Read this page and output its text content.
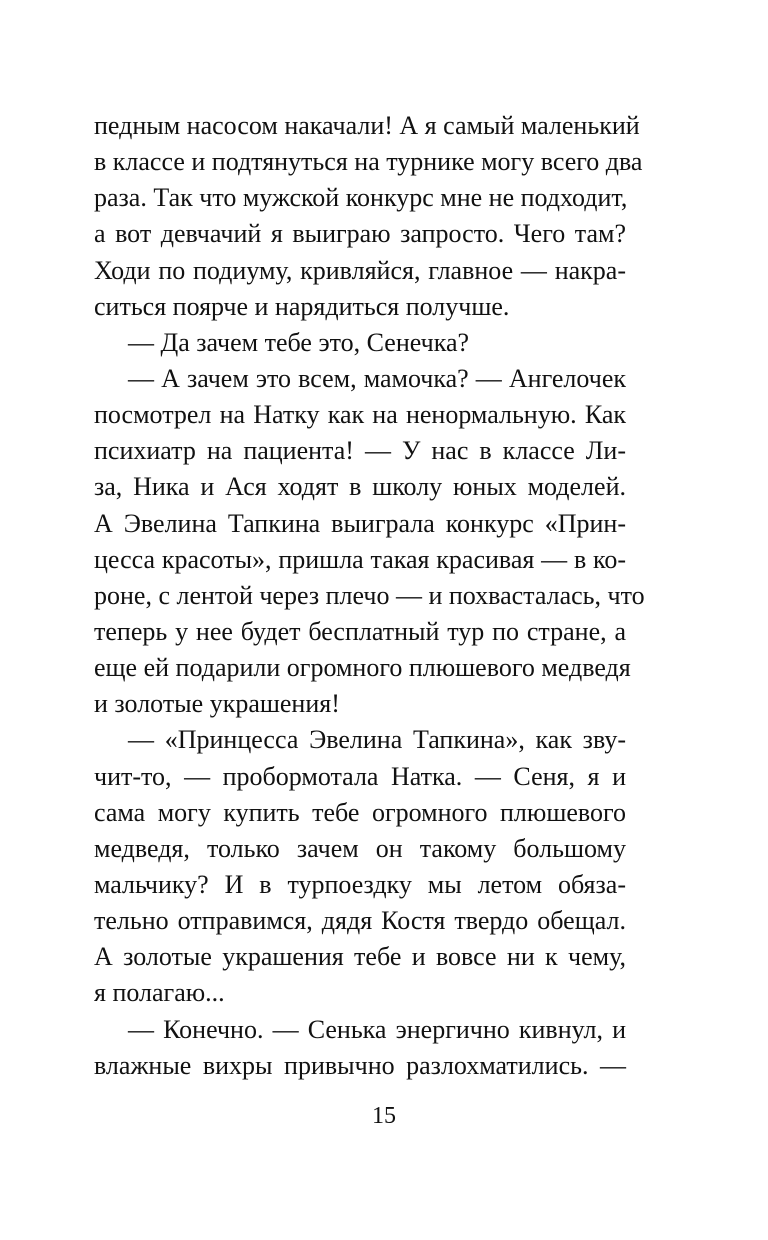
педным насосом накачали! А я самый маленький
в классе и подтянуться на турнике могу всего два
раза. Так что мужской конкурс мне не подходит,
а вот девчачий я выиграю запросто. Чего там?
Ходи по подиуму, кривляйся, главное — накра-
ситься поярче и нарядиться получше.
— Да зачем тебе это, Сенечка?
— А зачем это всем, мамочка? — Ангелочек
посмотрел на Натку как на ненормальную. Как
психиатр на пациента! — У нас в классе Ли-
за, Ника и Ася ходят в школу юных моделей.
А Эвелина Тапкина выиграла конкурс «Прин-
цесса красоты», пришла такая красивая — в ко-
роне, с лентой через плечо — и похвасталась, что
теперь у нее будет бесплатный тур по стране, а
еще ей подарили огромного плюшевого медведя
и золотые украшения!
— «Принцесса Эвелина Тапкина», как зву-
чит-то, — пробормотала Натка. — Сеня, я и
сама могу купить тебе огромного плюшевого
медведя, только зачем он такому большому
мальчику? И в турпоездку мы летом обяза-
тельно отправимся, дядя Костя твердо обещал.
А золотые украшения тебе и вовсе ни к чему,
я полагаю...
— Конечно. — Сенька энергично кивнул, и
влажные вихры привычно разлохматились. —
15
